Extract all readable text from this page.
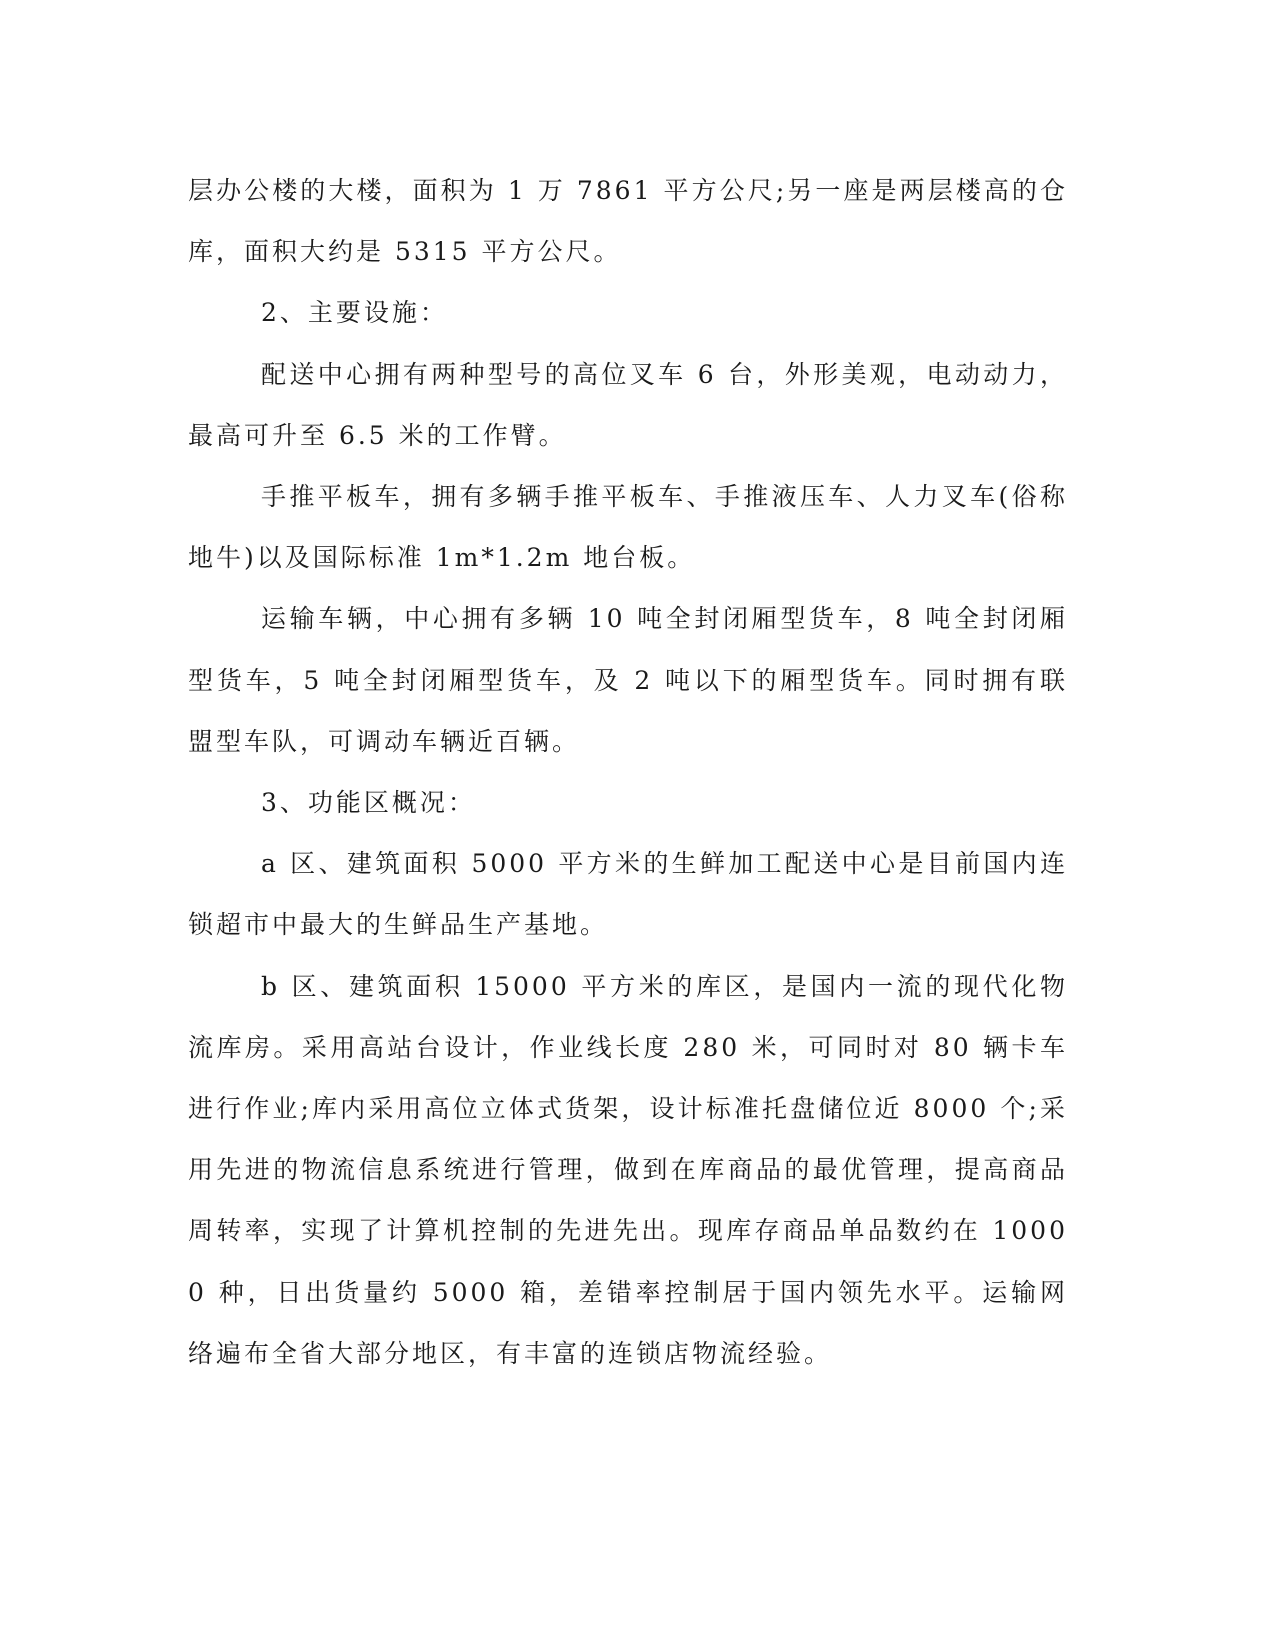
层办公楼的大楼，面积为 1 万 7861 平方公尺;另一座是两层楼高的仓库，面积大约是 5315 平方公尺。

2、主要设施：

配送中心拥有两种型号的高位叉车 6 台，外形美观，电动动力，最高可升至 6.5 米的工作臂。

手推平板车，拥有多辆手推平板车、手推液压车、人力叉车(俗称地牛)以及国际标准 1m*1.2m 地台板。

运输车辆，中心拥有多辆 10 吨全封闭厢型货车，8 吨全封闭厢型货车，5 吨全封闭厢型货车，及 2 吨以下的厢型货车。同时拥有联盟型车队，可调动车辆近百辆。

3、功能区概况：

a 区、建筑面积 5000 平方米的生鲜加工配送中心是目前国内连锁超市中最大的生鲜品生产基地。

b 区、建筑面积 15000 平方米的库区，是国内一流的现代化物流库房。采用高站台设计，作业线长度 280 米，可同时对 80 辆卡车进行作业;库内采用高位立体式货架，设计标准托盘储位近 8000 个;采用先进的物流信息系统进行管理，做到在库商品的最优管理，提高商品周转率，实现了计算机控制的先进先出。现库存商品单品数约在 10000 种，日出货量约 5000 箱，差错率控制居于国内领先水平。运输网络遍布全省大部分地区，有丰富的连锁店物流经验。
